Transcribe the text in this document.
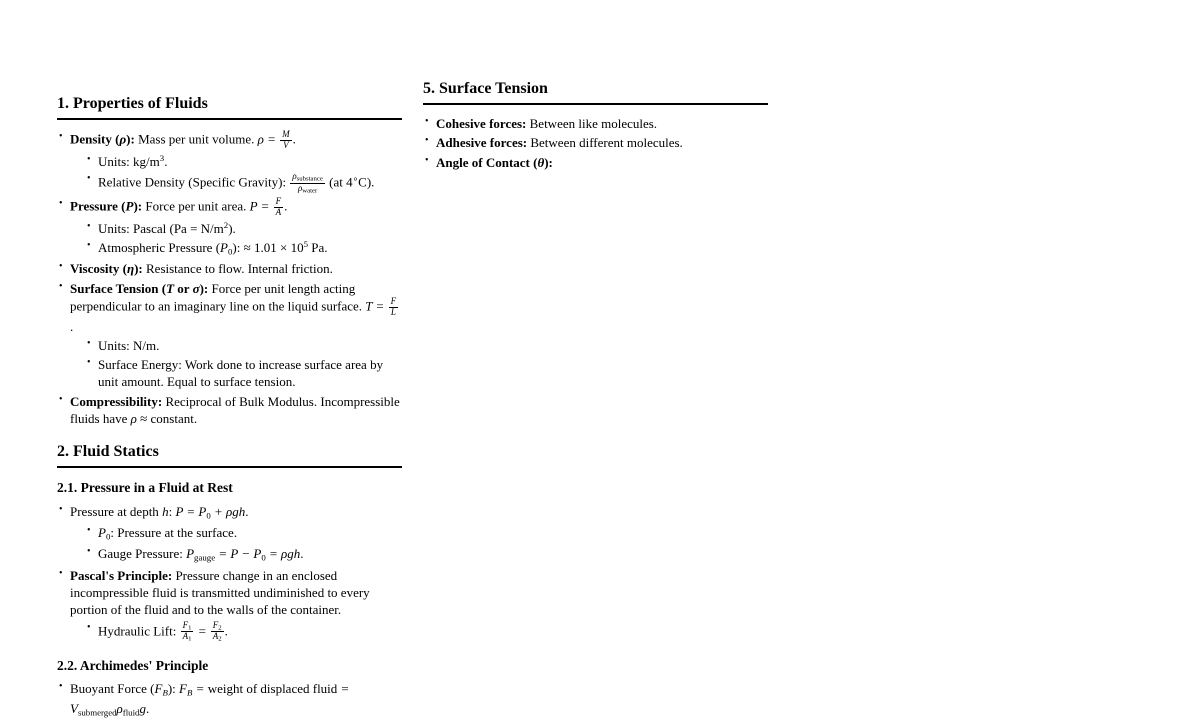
1. Properties of Fluids
• Density (ρ): Mass per unit volume. $\rho = \frac{M}{V}$ .
• Units: $kg/m^3$.
• Relative Density (Specific Gravity): $\frac{\text{ρsubstance}}{\text{ρwater}} (at$ 4∘C).
• Pressure (P): Force per unit area. $P = \frac{F}{A}$ .
• Units: Pascal $(Pa = N/m^2)$.
• Atmospheric Pressure $(P_0)$: ≈ $1.01 \times 10^5$ Pa.
• Viscosity (η): Resistance to flow. Internal friction.
• Surface Tension (T or σ): Force per unit length acting perpendicular to an imaginary line on the liquid surface. $T = \frac{F}{L}$
.
• Units: N/m.
• Surface Energy: Work done to increase surface area by unit amount. Equal to surface tension.
• Compressibility: Reciprocal of Bulk Modulus. Incompressible fluids have ρ ≈ constant.
2. Fluid Statics
2.1. Pressure in a Fluid at Rest
• Pressure at depth h: $P = P_0 + \rho gh$.
• $P_0$: Pressure at the surface.
• Gauge Pressure: $P_{gauge} = P - P_0 = \rho gh$.
• Pascal's Principle: Pressure change in an enclosed incompressible fluid is transmitted undiminished to every portion of the fluid and to the walls of the container.
• Hydraulic Lift: $\frac{F1}{A1} = \frac{F2}{A2}$ .
2.2. Archimedes' Principle
• Buoyant Force $(F_B)$: $F_B$ = weight of displaced fluid = $V_{submerged}\rho_{fluid}g$.
5. Surface Tension
• Cohesive forces: Between like molecules.
• Adhesive forces: Between different molecules.
• Angle of Contact (θ):
